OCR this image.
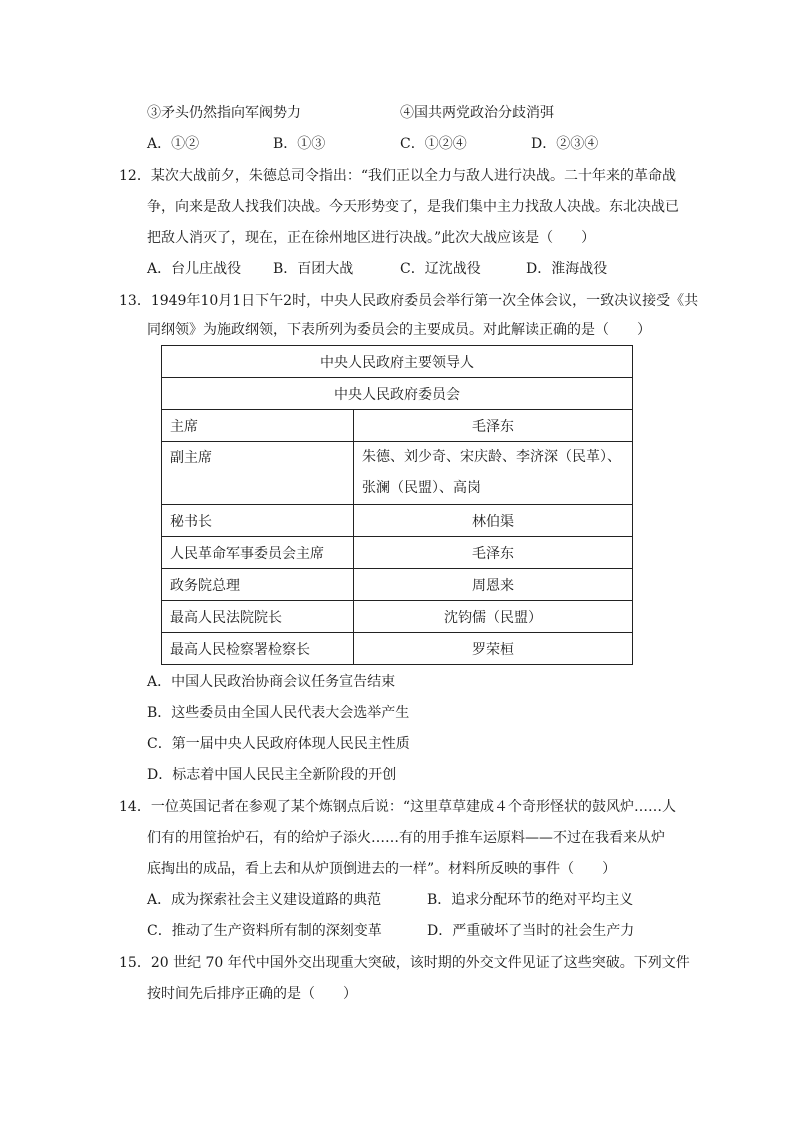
③矛头仍然指向军阀势力	④国共两党政治分歧消弭
A．①②	B．①③	C．①②④	D．②③④
12．某次大战前夕，朱德总司令指出：“我们正以全力与敌人进行决战。二十年来的革命战
争，向来是敌人找我们决战。今天形势变了，是我们集中主力找敌人决战。东北决战已
把敌人消灭了，现在，正在徐州地区进行决战。”此次大战应该是（　　）
A．台儿庄战役 B．百团大战	C．辽沈战役	D．淮海战役
13．1949年10月1日下午2时，中央人民政府委员会举行第一次全体会议，一致决议接受《共
同纲领》为施政纲领，下表所列为委员会的主要成员。对此解读正确的是（　　）
中央人民政府主要领导人	
中央人民政府委员会	
主席	毛泽东
副主席	朱德、刘少奇、宋庆龄、李济深（民革）、
张澜（民盟）、高岗

秘书长	林伯渠
人民革命军事委员会主席	毛泽东
政务院总理	周恩来
最高人民法院院长	沈钧儒（民盟）
最高人民检察署检察长	罗荣桓
A．中国人民政治协商会议任务宣告结束
B．这些委员由全国人民代表大会选举产生
C．第一届中央人民政府体现人民民主性质
D．标志着中国人民民主全新阶段的开创
14．一位英国记者在参观了某个炼钢点后说：“这里草草建成４个奇形怪状的鼓风炉……人
们有的用筐抬炉石，有的给炉子添火……有的用手推车运原料——不过在我看来从炉
底掏出的成品，看上去和从炉顶倒进去的一样”。材料所反映的事件（　　）
A．成为探索社会主义建设道路的典范	B．追求分配环节的绝对平均主义
C．推动了生产资料所有制的深刻变革	D．严重破坏了当时的社会生产力
15．20 世纪 70 年代中国外交出现重大突破，该时期的外交文件见证了这些突破。下列文件
按时间先后排序正确的是（　　）
